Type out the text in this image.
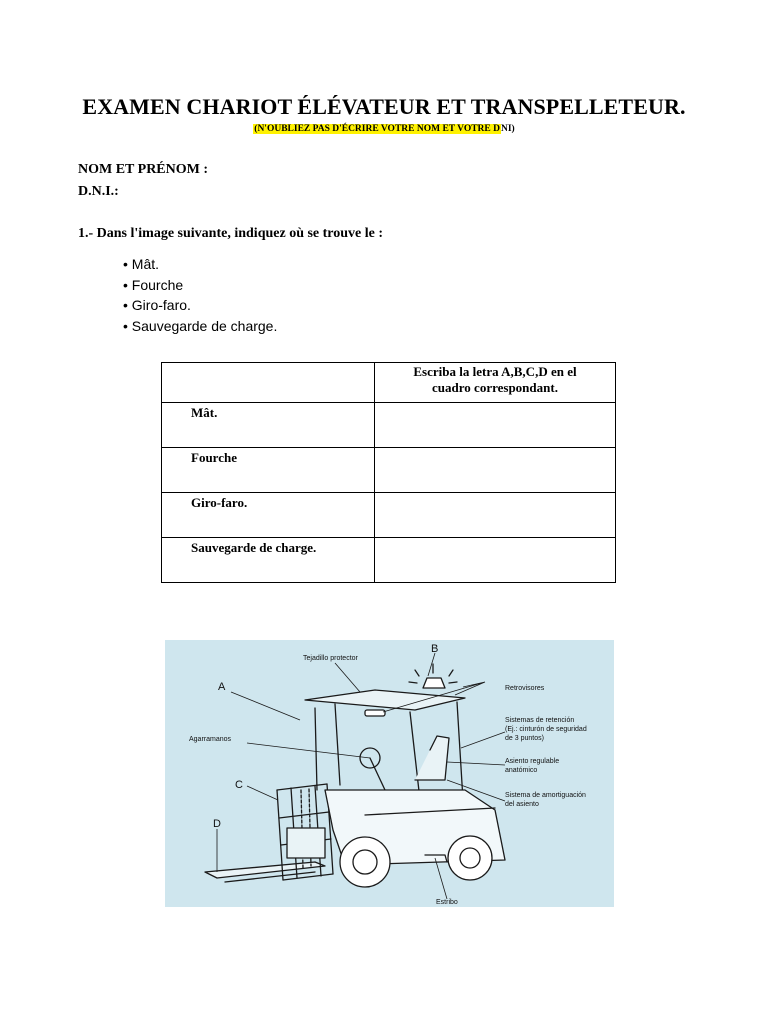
EXAMEN CHARIOT ÉLÉVATEUR ET TRANSPELLETEUR.
(N'OUBLIEZ PAS D'ÉCRIRE VOTRE NOM ET VOTRE DNI)
NOM ET PRÉNOM :
D.N.I.:
1.- Dans l'image suivante, indiquez où se trouve le :
• Mât.
• Fourche
• Giro-faro.
• Sauvegarde de charge.

	Escriba la letra A,B,C,D en el
cuadro correspondant.

Mât.	
Fourche	
Giro-faro.	
Sauvegarde de charge.	
A
B
C
D
Tejadillo protector
Retrovisores
Sistemas de retención
(Ej.: cinturón de seguridad
de 3 puntos)
Asiento regulable
anatómico
Sistema de amortiguación
del asiento
Agarramanos
Estribo
